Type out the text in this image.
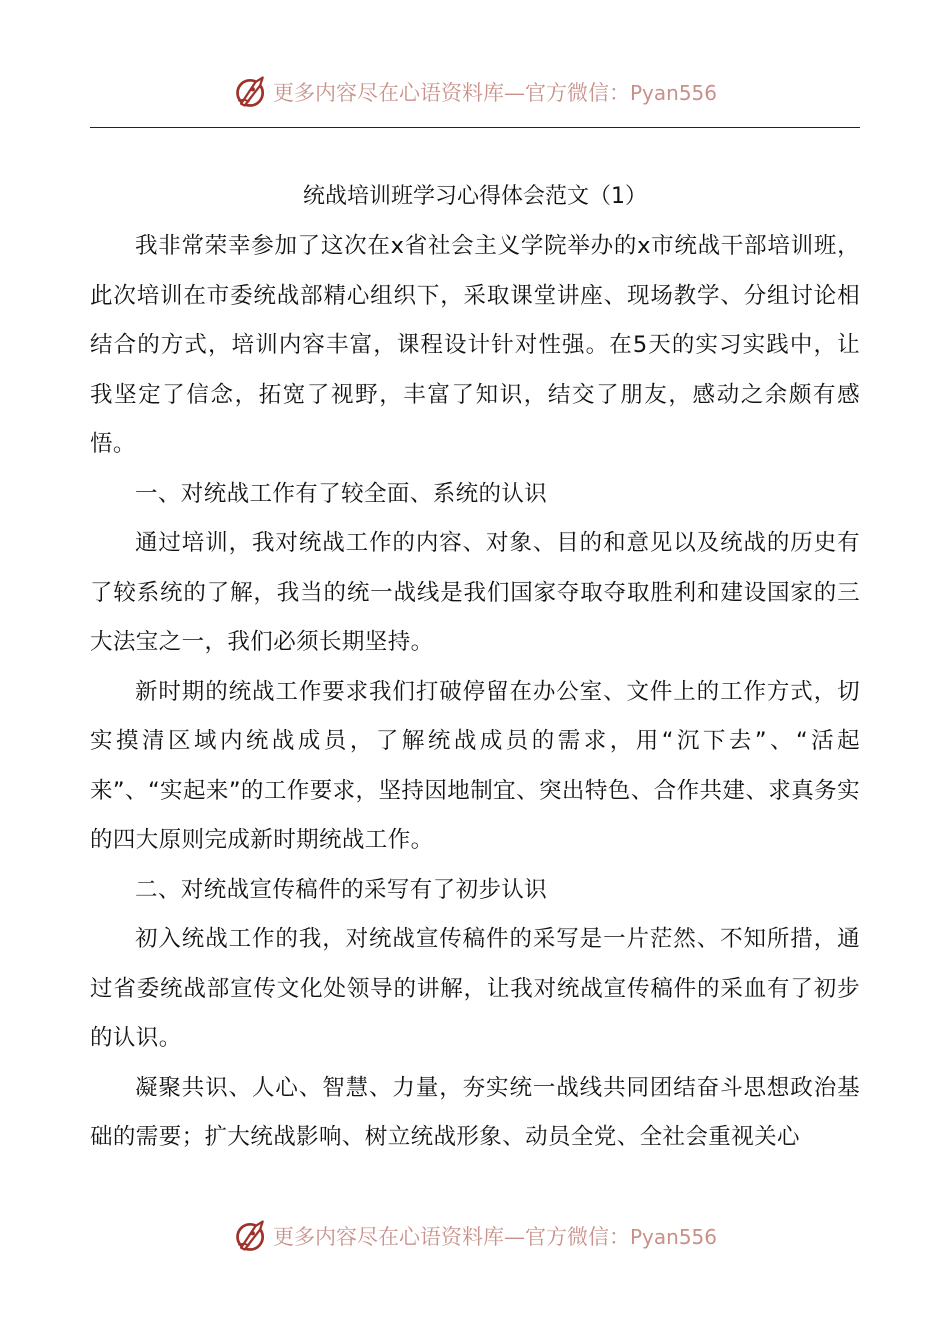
更多内容尽在心语资料库—官方微信：Pyan556
统战培训班学习心得体会范文（1）

我非常荣幸参加了这次在x省社会主义学院举办的x市统战干部培训班，此次培训在市委统战部精心组织下，采取课堂讲座、现场教学、分组讨论相结合的方式，培训内容丰富，课程设计针对性强。在5天的实习实践中，让我坚定了信念，拓宽了视野，丰富了知识，结交了朋友，感动之余颇有感悟。

一、对统战工作有了较全面、系统的认识

通过培训，我对统战工作的内容、对象、目的和意见以及统战的历史有了较系统的了解，我当的统一战线是我们国家夺取夺取胜利和建设国家的三大法宝之一，我们必须长期坚持。

新时期的统战工作要求我们打破停留在办公室、文件上的工作方式，切实摸清区域内统战成员，了解统战成员的需求，用“沉下去”、“活起来”、“实起来”的工作要求，坚持因地制宜、突出特色、合作共建、求真务实的四大原则完成新时期统战工作。

二、对统战宣传稿件的采写有了初步认识

初入统战工作的我，对统战宣传稿件的采写是一片茫然、不知所措，通过省委统战部宣传文化处领导的讲解，让我对统战宣传稿件的采血有了初步的认识。

凝聚共识、人心、智慧、力量，夯实统一战线共同团结奋斗思想政治基础的需要；扩大统战影响、树立统战形象、动员全党、全社会重视关心

更多内容尽在心语资料库—官方微信：Pyan556
